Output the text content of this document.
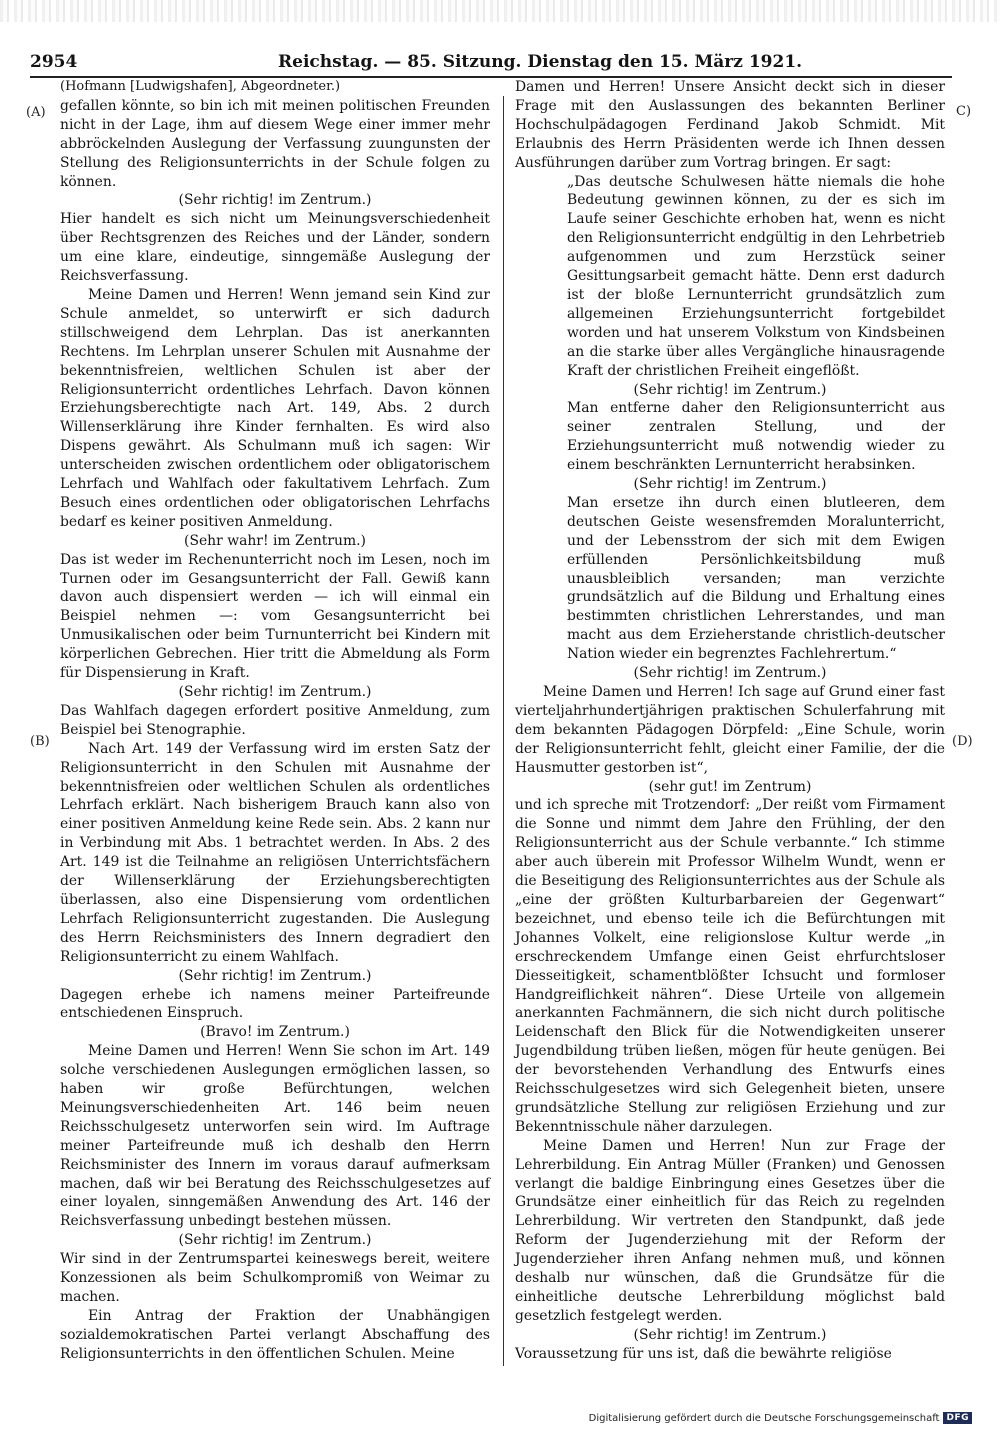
2954	Reichstag. — 85. Sitzung. Dienstag den 15. März 1921.
(A)
(B)
C)
(D)

(Hofmann [Ludwigshafen], Abgeordneter.)

gefallen könnte, so bin ich mit meinen politischen Freunden nicht in der Lage, ihm auf diesem Wege einer immer mehr abbröckelnden Auslegung der Verfassung zuungunsten der Stellung des Religionsunterrichts in der Schule folgen zu können.

(Sehr richtig! im Zentrum.)

Hier handelt es sich nicht um Meinungsverschiedenheit über Rechtsgrenzen des Reiches und der Länder, sondern um eine klare, eindeutige, sinngemäße Auslegung der Reichsverfassung.

Meine Damen und Herren! Wenn jemand sein Kind zur Schule anmeldet, so unterwirft er sich dadurch stillschweigend dem Lehrplan. Das ist anerkannten Rechtens. Im Lehrplan unserer Schulen mit Ausnahme der bekenntnisfreien, weltlichen Schulen ist aber der Religionsunterricht ordentliches Lehrfach. Davon können Erziehungsberechtigte nach Art. 149, Abs. 2 durch Willenserklärung ihre Kinder fernhalten. Es wird also Dispens gewährt. Als Schulmann muß ich sagen: Wir unterscheiden zwischen ordentlichem oder obligatorischem Lehrfach und Wahlfach oder fakultativem Lehrfach. Zum Besuch eines ordentlichen oder obligatorischen Lehrfachs bedarf es keiner positiven Anmeldung.

(Sehr wahr! im Zentrum.)

Das ist weder im Rechenunterricht noch im Lesen, noch im Turnen oder im Gesangsunterricht der Fall. Gewiß kann davon auch dispensiert werden — ich will einmal ein Beispiel nehmen —: vom Gesangsunterricht bei Unmusikalischen oder beim Turnunterricht bei Kindern mit körperlichen Gebrechen. Hier tritt die Abmeldung als Form für Dispensierung in Kraft.

(Sehr richtig! im Zentrum.)

Das Wahlfach dagegen erfordert positive Anmeldung, zum Beispiel bei Stenographie.

Nach Art. 149 der Verfassung wird im ersten Satz der Religionsunterricht in den Schulen mit Ausnahme der bekenntnisfreien oder weltlichen Schulen als ordentliches Lehrfach erklärt. Nach bisherigem Brauch kann also von einer positiven Anmeldung keine Rede sein. Abs. 2 kann nur in Verbindung mit Abs. 1 betrachtet werden. In Abs. 2 des Art. 149 ist die Teilnahme an religiösen Unterrichtsfächern der Willenserklärung der Erziehungsberechtigten überlassen, also eine Dispensierung vom ordentlichen Lehrfach Religionsunterricht zugestanden. Die Auslegung des Herrn Reichsministers des Innern degradiert den Religionsunterricht zu einem Wahlfach.

(Sehr richtig! im Zentrum.)

Dagegen erhebe ich namens meiner Parteifreunde entschiedenen Einspruch.

(Bravo! im Zentrum.)

Meine Damen und Herren! Wenn Sie schon im Art. 149 solche verschiedenen Auslegungen ermöglichen lassen, so haben wir große Befürchtungen, welchen Meinungsverschiedenheiten Art. 146 beim neuen Reichsschulgesetz unterworfen sein wird. Im Auftrage meiner Parteifreunde muß ich deshalb den Herrn Reichsminister des Innern im voraus darauf aufmerksam machen, daß wir bei Beratung des Reichsschulgesetzes auf einer loyalen, sinngemäßen Anwendung des Art. 146 der Reichsverfassung unbedingt bestehen müssen.

(Sehr richtig! im Zentrum.)

Wir sind in der Zentrumspartei keineswegs bereit, weitere Konzessionen als beim Schulkompromiß von Weimar zu machen.

Ein Antrag der Fraktion der Unabhängigen sozialdemokratischen Partei verlangt Abschaffung des Religionsunterrichts in den öffentlichen Schulen. Meine

Damen und Herren! Unsere Ansicht deckt sich in dieser Frage mit den Auslassungen des bekannten Berliner Hochschulpädagogen Ferdinand Jakob Schmidt. Mit Erlaubnis des Herrn Präsidenten werde ich Ihnen dessen Ausführungen darüber zum Vortrag bringen. Er sagt:

„Das deutsche Schulwesen hätte niemals die hohe Bedeutung gewinnen können, zu der es sich im Laufe seiner Geschichte erhoben hat, wenn es nicht den Religionsunterricht endgültig in den Lehrbetrieb aufgenommen und zum Herzstück seiner Gesittungsarbeit gemacht hätte. Denn erst dadurch ist der bloße Lernunterricht grundsätzlich zum allgemeinen Erziehungsunterricht fortgebildet worden und hat unserem Volkstum von Kindsbeinen an die starke über alles Vergängliche hinausragende Kraft der christlichen Freiheit eingeflößt.

(Sehr richtig! im Zentrum.)

Man entferne daher den Religionsunterricht aus seiner zentralen Stellung, und der Erziehungsunterricht muß notwendig wieder zu einem beschränkten Lernunterricht herabsinken.

(Sehr richtig! im Zentrum.)

Man ersetze ihn durch einen blutleeren, dem deutschen Geiste wesensfremden Moralunterricht, und der Lebensstrom der sich mit dem Ewigen erfüllenden Persönlichkeitsbildung muß unausbleiblich versanden; man verzichte grundsätzlich auf die Bildung und Erhaltung eines bestimmten christlichen Lehrerstandes, und man macht aus dem Erzieherstande christlich-deutscher Nation wieder ein begrenztes Fachlehrertum.“

(Sehr richtig! im Zentrum.)

Meine Damen und Herren! Ich sage auf Grund einer fast vierteljahrhundertjährigen praktischen Schulerfahrung mit dem bekannten Pädagogen Dörpfeld: „Eine Schule, worin der Religionsunterricht fehlt, gleicht einer Familie, der die Hausmutter gestorben ist“,

(sehr gut! im Zentrum)

und ich spreche mit Trotzendorf: „Der reißt vom Firmament die Sonne und nimmt dem Jahre den Frühling, der den Religionsunterricht aus der Schule verbannte.“ Ich stimme aber auch überein mit Professor Wilhelm Wundt, wenn er die Beseitigung des Religionsunterrichtes aus der Schule als „eine der größten Kulturbarbareien der Gegenwart“ bezeichnet, und ebenso teile ich die Befürchtungen mit Johannes Volkelt, eine religionslose Kultur werde „in erschreckendem Umfange einen Geist ehrfurchtsloser Diesseitigkeit, schamentblößter Ichsucht und formloser Handgreiflichkeit nähren“. Diese Urteile von allgemein anerkannten Fachmännern, die sich nicht durch politische Leidenschaft den Blick für die Notwendigkeiten unserer Jugendbildung trüben ließen, mögen für heute genügen. Bei der bevorstehenden Verhandlung des Entwurfs eines Reichsschulgesetzes wird sich Gelegenheit bieten, unsere grundsätzliche Stellung zur religiösen Erziehung und zur Bekenntnisschule näher darzulegen.

Meine Damen und Herren! Nun zur Frage der Lehrerbildung. Ein Antrag Müller (Franken) und Genossen verlangt die baldige Einbringung eines Gesetzes über die Grundsätze einer einheitlich für das Reich zu regelnden Lehrerbildung. Wir vertreten den Standpunkt, daß jede Reform der Jugenderziehung mit der Reform der Jugenderzieher ihren Anfang nehmen muß, und können deshalb nur wünschen, daß die Grundsätze für die einheitliche deutsche Lehrerbildung möglichst bald gesetzlich festgelegt werden.

(Sehr richtig! im Zentrum.)

Voraussetzung für uns ist, daß die bewährte religiöse

Digitalisierung gefördert durch die Deutsche Forschungsgemeinschaft DFG
